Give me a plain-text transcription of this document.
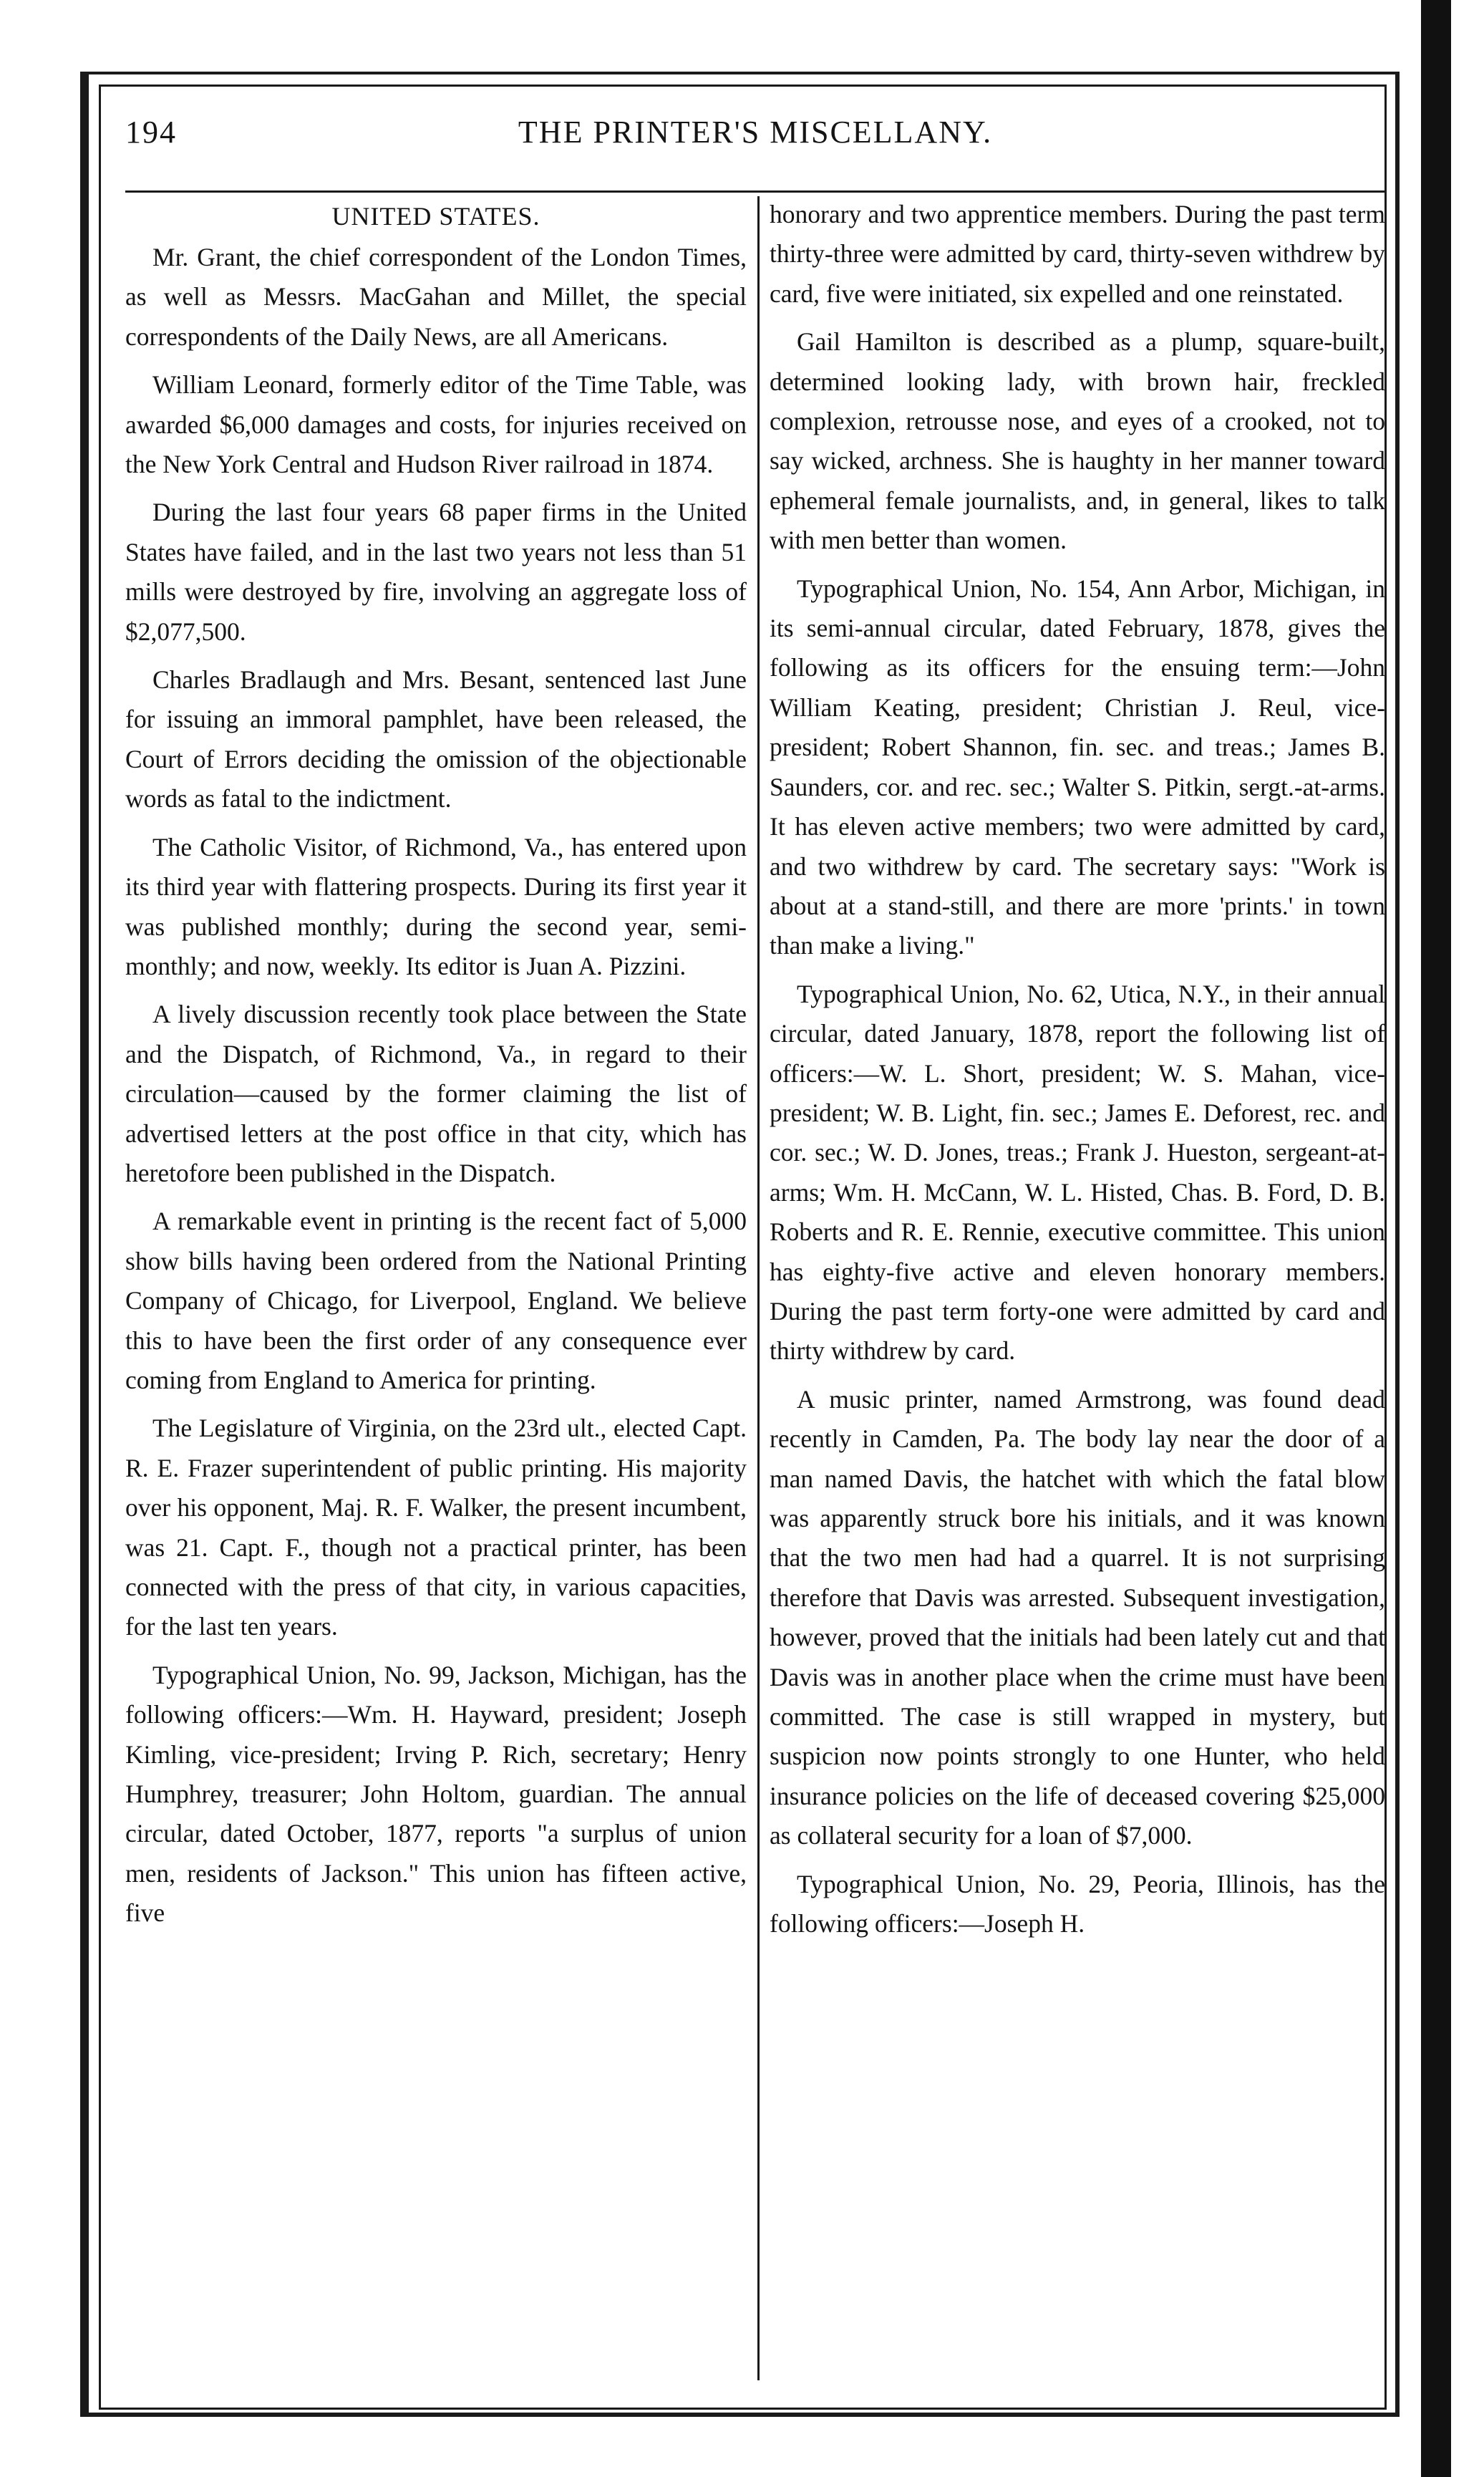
194	THE PRINTER'S MISCELLANY.
UNITED STATES.

Mr. Grant, the chief correspondent of the London Times, as well as Messrs. MacGahan and Millet, the special correspondents of the Daily News, are all Americans.

William Leonard, formerly editor of the Time Table, was awarded $6,000 damages and costs, for injuries received on the New York Central and Hudson River railroad in 1874.

During the last four years 68 paper firms in the United States have failed, and in the last two years not less than 51 mills were destroyed by fire, involving an aggregate loss of $2,077,500.

Charles Bradlaugh and Mrs. Besant, sentenced last June for issuing an immoral pamphlet, have been released, the Court of Errors deciding the omission of the objectionable words as fatal to the indictment.

The Catholic Visitor, of Richmond, Va., has entered upon its third year with flattering prospects. During its first year it was published monthly; during the second year, semi-monthly; and now, weekly. Its editor is Juan A. Pizzini.

A lively discussion recently took place between the State and the Dispatch, of Richmond, Va., in regard to their circulation—caused by the former claiming the list of advertised letters at the post office in that city, which has heretofore been published in the Dispatch.

A remarkable event in printing is the recent fact of 5,000 show bills having been ordered from the National Printing Company of Chicago, for Liverpool, England. We believe this to have been the first order of any consequence ever coming from England to America for printing.

The Legislature of Virginia, on the 23rd ult., elected Capt. R. E. Frazer superintendent of public printing. His majority over his opponent, Maj. R. F. Walker, the present incumbent, was 21. Capt. F., though not a practical printer, has been connected with the press of that city, in various capacities, for the last ten years.

Typographical Union, No. 99, Jackson, Michigan, has the following officers:—Wm. H. Hayward, president; Joseph Kimling, vice-president; Irving P. Rich, secretary; Henry Humphrey, treasurer; John Holtom, guardian. The annual circular, dated October, 1877, reports "a surplus of union men, residents of Jackson." This union has fifteen active, five

honorary and two apprentice members. During the past term thirty-three were admitted by card, thirty-seven withdrew by card, five were initiated, six expelled and one reinstated.

Gail Hamilton is described as a plump, square-built, determined looking lady, with brown hair, freckled complexion, retrousse nose, and eyes of a crooked, not to say wicked, archness. She is haughty in her manner toward ephemeral female journalists, and, in general, likes to talk with men better than women.

Typographical Union, No. 154, Ann Arbor, Michigan, in its semi-annual circular, dated February, 1878, gives the following as its officers for the ensuing term:—John William Keating, president; Christian J. Reul, vice-president; Robert Shannon, fin. sec. and treas.; James B. Saunders, cor. and rec. sec.; Walter S. Pitkin, sergt.-at-arms. It has eleven active members; two were admitted by card, and two withdrew by card. The secretary says: "Work is about at a stand-still, and there are more 'prints.' in town than make a living."

Typographical Union, No. 62, Utica, N.Y., in their annual circular, dated January, 1878, report the following list of officers:—W. L. Short, president; W. S. Mahan, vice-president; W. B. Light, fin. sec.; James E. Deforest, rec. and cor. sec.; W. D. Jones, treas.; Frank J. Hueston, sergeant-at-arms; Wm. H. McCann, W. L. Histed, Chas. B. Ford, D. B. Roberts and R. E. Rennie, executive committee. This union has eighty-five active and eleven honorary members. During the past term forty-one were admitted by card and thirty withdrew by card.

A music printer, named Armstrong, was found dead recently in Camden, Pa. The body lay near the door of a man named Davis, the hatchet with which the fatal blow was apparently struck bore his initials, and it was known that the two men had had a quarrel. It is not surprising therefore that Davis was arrested. Subsequent investigation, however, proved that the initials had been lately cut and that Davis was in another place when the crime must have been committed. The case is still wrapped in mystery, but suspicion now points strongly to one Hunter, who held insurance policies on the life of deceased covering $25,000 as collateral security for a loan of $7,000.

Typographical Union, No. 29, Peoria, Illinois, has the following officers:—Joseph H.
